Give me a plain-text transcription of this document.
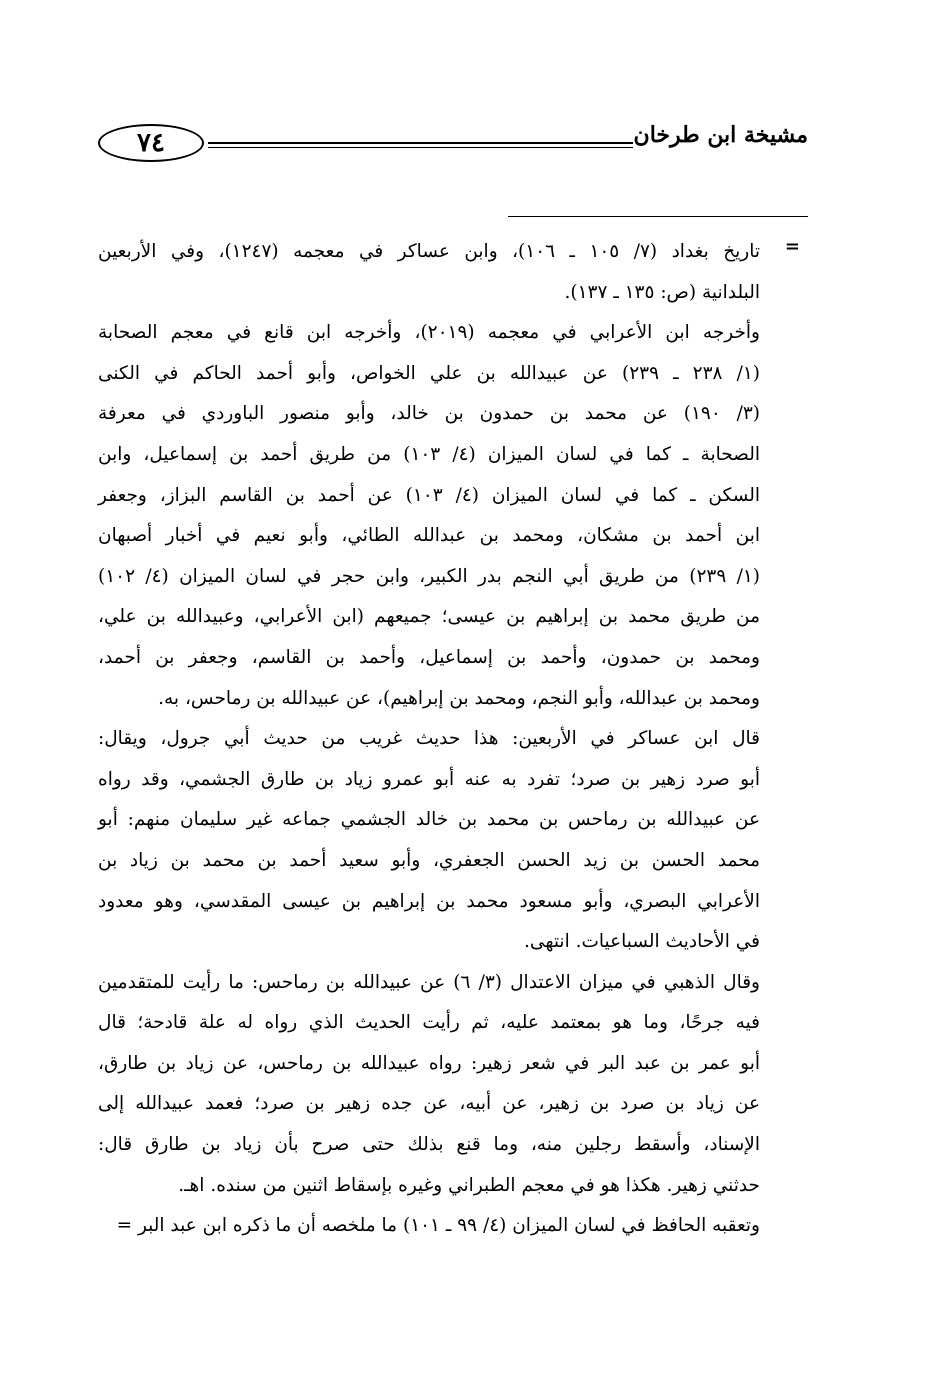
مشيخة ابن طرخان
٧٤
=
تاريخ بغداد (٧/ ١٠٥ ـ ١٠٦)، وابن عساكر في معجمه (١٢٤٧)، وفي الأربعين
البلدانية (ص: ١٣٥ ـ ١٣٧).
وأخرجه ابن الأعرابي في معجمه (٢٠١٩)، وأخرجه ابن قانع في معجم الصحابة
(١/ ٢٣٨ ـ ٢٣٩) عن عبيدالله بن علي الخواص، وأبو أحمد الحاكم في الكنى
(٣/ ١٩٠) عن محمد بن حمدون بن خالد، وأبو منصور الباوردي في معرفة
الصحابة ـ كما في لسان الميزان (٤/ ١٠٣) من طريق أحمد بن إسماعيل، وابن
السكن ـ كما في لسان الميزان (٤/ ١٠٣) عن أحمد بن القاسم البزاز، وجعفر
ابن أحمد بن مشكان، ومحمد بن عبدالله الطائي، وأبو نعيم في أخبار أصبهان
(١/ ٢٣٩) من طريق أبي النجم بدر الكبير، وابن حجر في لسان الميزان (٤/ ١٠٢)
من طريق محمد بن إبراهيم بن عيسى؛ جميعهم (ابن الأعرابي، وعبيدالله بن علي،
ومحمد بن حمدون، وأحمد بن إسماعيل، وأحمد بن القاسم، وجعفر بن أحمد،
ومحمد بن عبدالله، وأبو النجم، ومحمد بن إبراهيم)، عن عبيدالله بن رماحس، به.
قال ابن عساكر في الأربعين: هذا حديث غريب من حديث أبي جرول، ويقال:
أبو صرد زهير بن صرد؛ تفرد به عنه أبو عمرو زياد بن طارق الجشمي، وقد رواه
عن عبيدالله بن رماحس بن محمد بن خالد الجشمي جماعه غير سليمان منهم: أبو
محمد الحسن بن زيد الحسن الجعفري، وأبو سعيد أحمد بن محمد بن زياد بن
الأعرابي البصري، وأبو مسعود محمد بن إبراهيم بن عيسى المقدسي، وهو معدود
في الأحاديث السباعيات. انتهى.
وقال الذهبي في ميزان الاعتدال (٣/ ٦) عن عبيدالله بن رماحس: ما رأيت للمتقدمين
فيه جرحًا، وما هو بمعتمد عليه، ثم رأيت الحديث الذي رواه له علة قادحة؛ قال
أبو عمر بن عبد البر في شعر زهير: رواه عبيدالله بن رماحس، عن زياد بن طارق،
عن زياد بن صرد بن زهير، عن أبيه، عن جده زهير بن صرد؛ فعمد عبيدالله إلى
الإسناد، وأسقط رجلين منه، وما قنع بذلك حتى صرح بأن زياد بن طارق قال:
حدثني زهير. هكذا هو في معجم الطبراني وغيره بإسقاط اثنين من سنده. اهـ.
وتعقبه الحافظ في لسان الميزان (٤/ ٩٩ ـ ١٠١) ما ملخصه أن ما ذكره ابن عبد البر =
